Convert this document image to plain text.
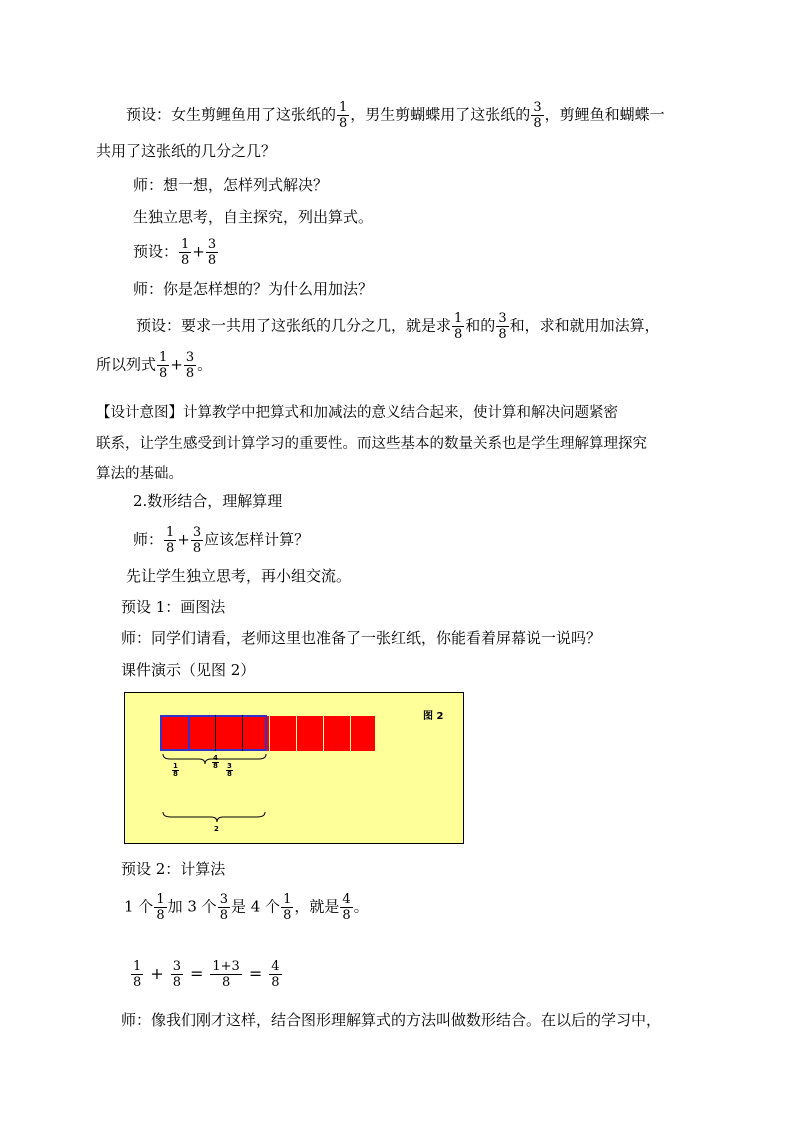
预设：女生剪鲤鱼用了这张纸的 $\frac{1}{8}$ ，男生剪蝴蝶用了这张纸的 $\frac{3}{8}$ ，剪鲤鱼和蝴蝶一
共用了这张纸的几分之几？
师：想一想，怎样列式解决？
生独立思考，自主探究，列出算式。
预设： $\frac{1}{8} + \frac{3}{8}$
师：你是怎样想的？为什么用加法？
预设：要求一共用了这张纸的几分之几，就是求 $\frac{1}{8}$ 和的 $\frac{3}{8}$ 和，求和就用加法算，
所以列式 $\frac{1}{8} + \frac{3}{8}$ 。
【设计意图】计算教学中把算式和加减法的意义结合起来，使计算和解决问题紧密
联系，让学生感受到计算学习的重要性。而这些基本的数量关系也是学生理解算理探究
算法的基础。
2.数形结合，理解算理
师： $\frac{1}{8} + \frac{3}{8}$ 应该怎样计算？
先让学生独立思考，再小组交流。
预设 1：画图法
师：同学们请看，老师这里也准备了一张红纸，你能看着屏幕说一说吗？
课件演示（见图 2）
图 2
1
8
4
8 3
8
2
预设 2：计算法
1 个 $\frac{1}{8}$ 加 3 个 $\frac{3}{8}$ 是 4 个 $\frac{1}{8}$ ，就是 $\frac{4}{8}$ 。
$\frac{1}{8} + \frac{3}{8} = \frac{1+3}{8} = \frac{4}{8}$
师：像我们刚才这样，结合图形理解算式的方法叫做数形结合。在以后的学习中，
